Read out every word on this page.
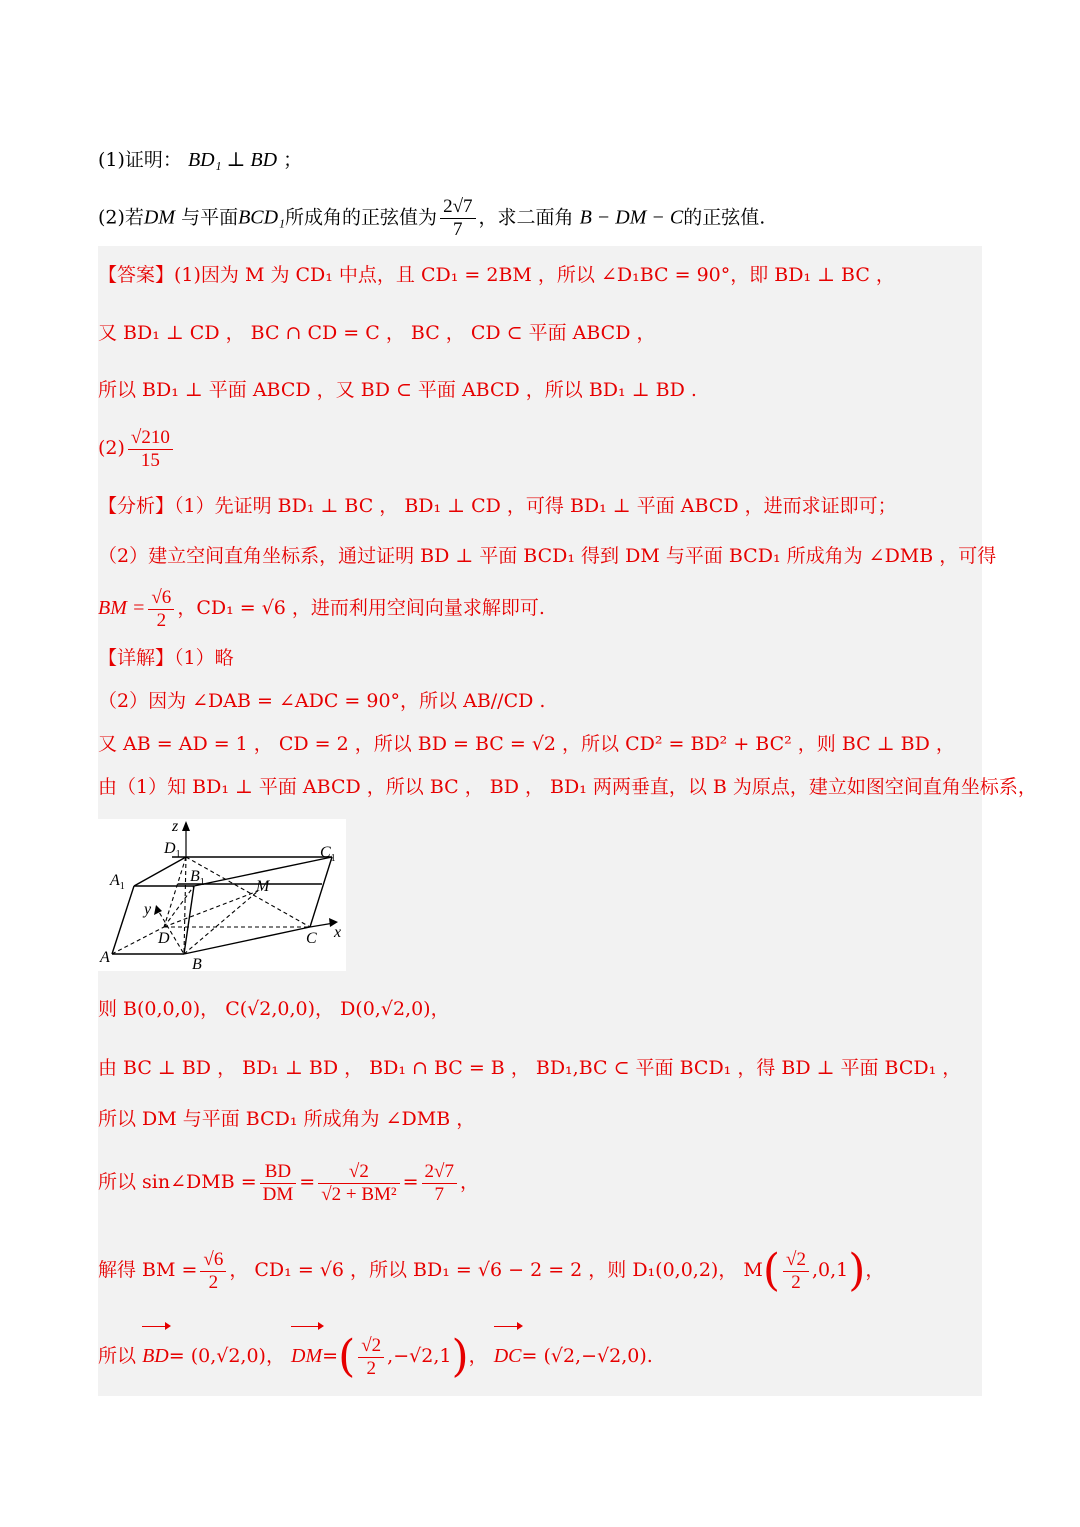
(1)证明： BD₁ ⊥ BD ；
(2)若DM 与平面BCD₁所成角的正弦值为 $\frac{2√7}{7}$ ，求二面角 B − DM − C的正弦值.
【答案】(1)因为 M 为 CD₁ 中点，且 CD₁ = 2BM ，所以 ∠D₁BC = 90°，即 BD₁ ⊥ BC ，
又 BD₁ ⊥ CD ， BC ∩ CD = C ， BC ， CD ⊂ 平面 ABCD ，
所以 BD₁ ⊥ 平面 ABCD ，又 BD ⊂ 平面 ABCD ，所以 BD₁ ⊥ BD .
$(2) \frac{√210}{15}$
【分析】（1）先证明 BD₁ ⊥ BC ， BD₁ ⊥ CD ，可得 BD₁ ⊥ 平面 ABCD ，进而求证即可；
（2）建立空间直角坐标系，通过证明 BD ⊥ 平面 BCD₁ 得到 DM 与平面 BCD₁ 所成角为 ∠DMB ，可得
BM = $\frac{√6}{2}$ ，CD₁ = √6 ，进而利用空间向量求解即可.
【详解】（1）略
（2）因为 ∠DAB = ∠ADC = 90°，所以 AB//CD .
又 AB = AD = 1 ， CD = 2 ，所以 BD = BC = √2 ，所以 CD² = BD² + BC² ，则 BC ⊥ BD ，
由（1）知 BD₁ ⊥ 平面 ABCD ，所以 BC ， BD ， BD₁ 两两垂直，以 B 为原点，建立如图空间直角坐标系，
z
$D_1$	$C_1$
$A_1$
$B_1$	M
y
D	x
C
A	B
则 B(0,0,0)， C(√2,0,0)， D(0,√2,0)，
由 BC ⊥ BD ， BD₁ ⊥ BD ， BD₁ ∩ BC = B ， BD₁,BC ⊂ 平面 BCD₁ ，得 BD ⊥ 平面 BCD₁ ，
所以 DM 与平面 BCD₁ 所成角为 ∠DMB ，
所以 sin∠DMB = $\frac{BD}{DM} = \frac{√2}{\text{√2 + BM²}} = \frac{2√7}{7}$ ，
解得 BM = $\frac{√6}{2}$ ， CD₁ = √6 ，所以 BD₁ = √6 − 2 = 2 ，则 D₁(0,0,2)， $M( \frac{√2}{2} ,0,1)$，
所以 BD= (0,√2,0)， $DM=( \frac{√2}{2} ,-√2,1)$， DC= (√2,−√2,0).
